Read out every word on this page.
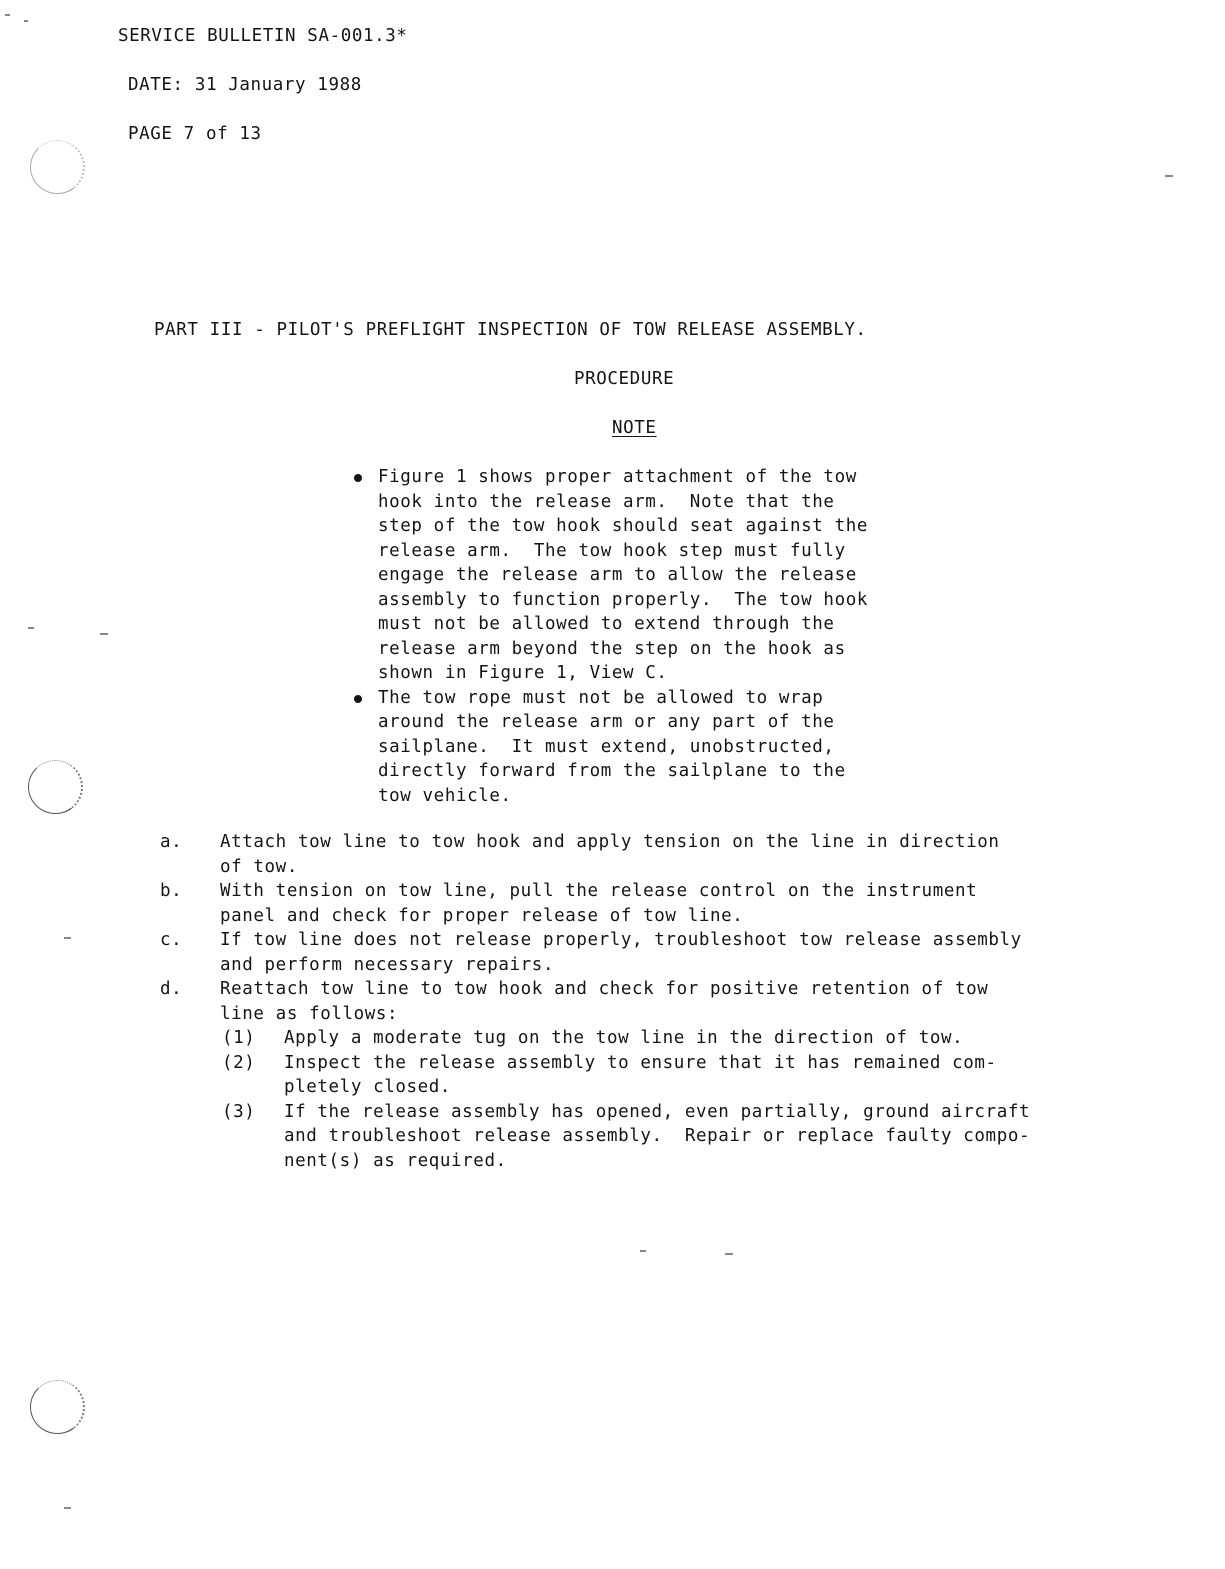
SERVICE BULLETIN SA-001.3*
DATE: 31 January 1988
PAGE 7 of 13
PART III - PILOT'S PREFLIGHT INSPECTION OF TOW RELEASE ASSEMBLY.
PROCEDURE
NOTE
Figure 1 shows proper attachment of the tow
hook into the release arm.  Note that the
step of the tow hook should seat against the
release arm.  The tow hook step must fully
engage the release arm to allow the release
assembly to function properly.  The tow hook
must not be allowed to extend through the
release arm beyond the step on the hook as
shown in Figure 1, View C.
The tow rope must not be allowed to wrap
around the release arm or any part of the
sailplane.  It must extend, unobstructed,
directly forward from the sailplane to the
tow vehicle.
a. Attach tow line to tow hook and apply tension on the line in direction
of tow.
b. With tension on tow line, pull the release control on the instrument
panel and check for proper release of tow line.
c. If tow line does not release properly, troubleshoot tow release assembly
and perform necessary repairs.
d. Reattach tow line to tow hook and check for positive retention of tow
line as follows:
(1) Apply a moderate tug on the tow line in the direction of tow.
(2) Inspect the release assembly to ensure that it has remained com-
pletely closed.
(3) If the release assembly has opened, even partially, ground aircraft
and troubleshoot release assembly.  Repair or replace faulty compo-
nent(s) as required.
